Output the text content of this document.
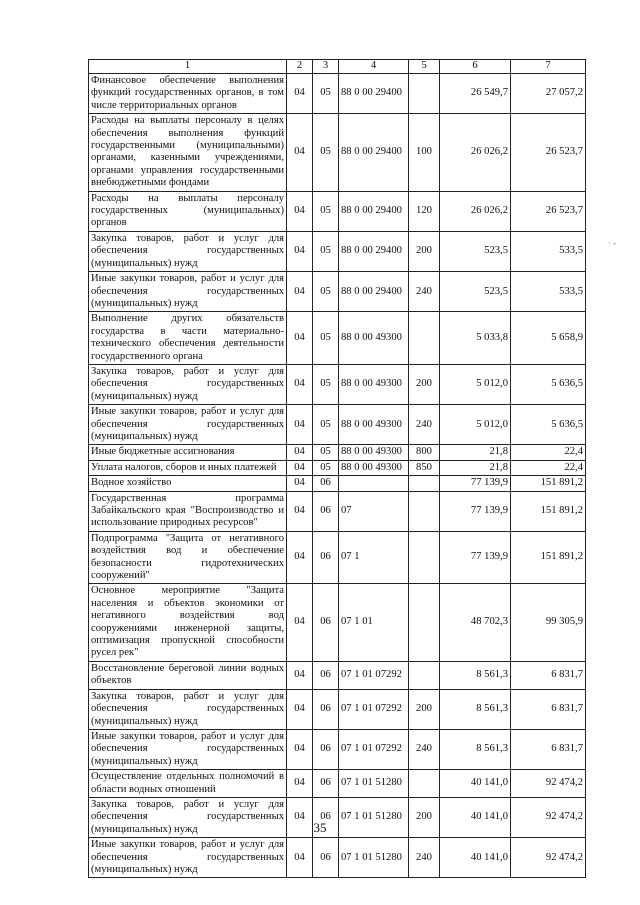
1	2	3	4	5	6	7
Финансовое обеспечение выполнения функций государственных органов, в том числе территориальных органов	04	05	88 0 00 29400		26 549,7	27 057,2
Расходы на выплаты персоналу в целях обеспечения выполнения функций государственными (муниципальными) органами, казенными учреждениями, органами управления государственными внебюджетными фондами	04	05	88 0 00 29400	100	26 026,2	26 523,7
Расходы на выплаты персоналу государственных (муниципальных) органов	04	05	88 0 00 29400	120	26 026,2	26 523,7
Закупка товаров, работ и услуг для обеспечения государственных (муниципальных) нужд	04	05	88 0 00 29400	200	523,5	533,5
Иные закупки товаров, работ и услуг для обеспечения государственных (муниципальных) нужд	04	05	88 0 00 29400	240	523,5	533,5
Выполнение других обязательств государства в части материально-технического обеспечения деятельности государственного органа	04	05	88 0 00 49300		5 033,8	5 658,9
Закупка товаров, работ и услуг для обеспечения государственных (муниципальных) нужд	04	05	88 0 00 49300	200	5 012,0	5 636,5
Иные закупки товаров, работ и услуг для обеспечения государственных (муниципальных) нужд	04	05	88 0 00 49300	240	5 012,0	5 636,5
Иные бюджетные ассигнования	04	05	88 0 00 49300	800	21,8	22,4
Уплата налогов, сборов и иных платежей	04	05	88 0 00 49300	850	21,8	22,4
Водное хозяйство	04	06			77 139,9	151 891,2
Государственная программа Забайкальского края "Воспроизводство и использование природных ресурсов"	04	06	07		77 139,9	151 891,2
Подпрограмма "Защита от негативного воздействия вод и обеспечение безопасности гидротехнических сооружений"	04	06	07 1		77 139,9	151 891,2
Основное мероприятие "Защита населения и объектов экономики от негативного воздействия вод сооружениями инженерной защиты, оптимизация пропускной способности русел рек"	04	06	07 1 01		48 702,3	99 305,9
Восстановление береговой линии водных объектов	04	06	07 1 01 07292		8 561,3	6 831,7
Закупка товаров, работ и услуг для обеспечения государственных (муниципальных) нужд	04	06	07 1 01 07292	200	8 561,3	6 831,7
Иные закупки товаров, работ и услуг для обеспечения государственных (муниципальных) нужд	04	06	07 1 01 07292	240	8 561,3	6 831,7
Осуществление отдельных полномочий в области водных отношений	04	06	07 1 01 51280		40 141,0	92 474,2
Закупка товаров, работ и услуг для обеспечения государственных (муниципальных) нужд	04	06	07 1 01 51280	200	40 141,0	92 474,2
Иные закупки товаров, работ и услуг для обеспечения государственных (муниципальных) нужд	04	06	07 1 01 51280	240	40 141,0	92 474,2
35
· -
